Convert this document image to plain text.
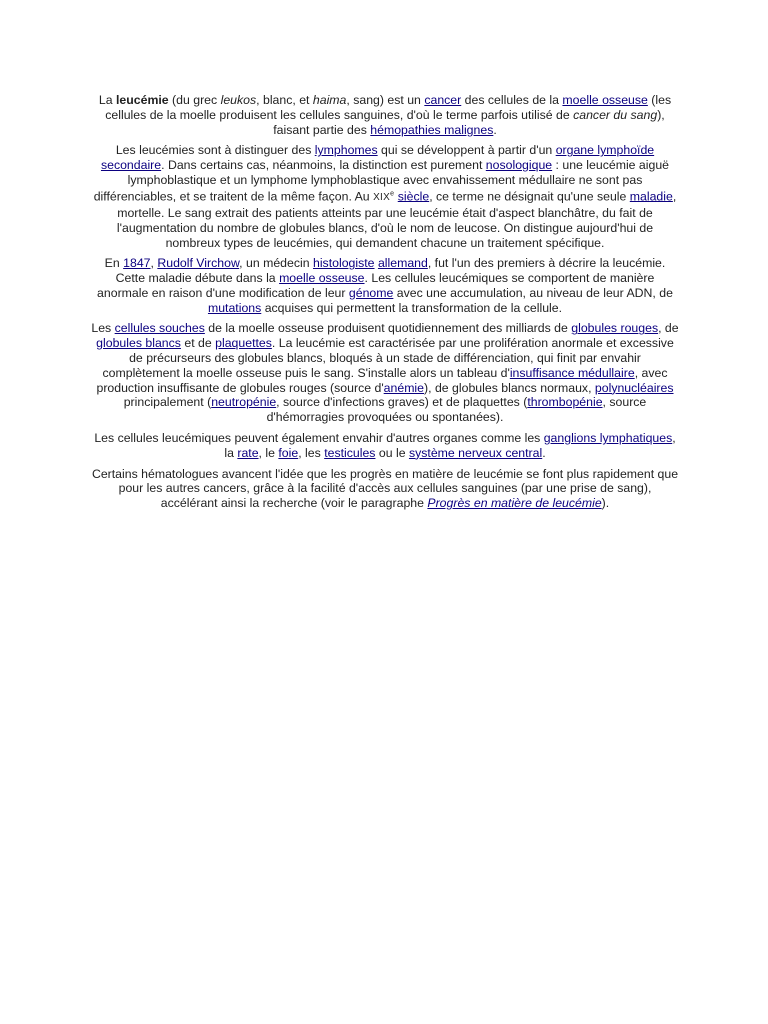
La leucémie (du grec leukos, blanc, et haima, sang) est un cancer des cellules de la moelle osseuse (les cellules de la moelle produisent les cellules sanguines, d'où le terme parfois utilisé de cancer du sang), faisant partie des hémopathies malignes.

Les leucémies sont à distinguer des lymphomes qui se développent à partir d'un organe lymphoïde secondaire. Dans certains cas, néanmoins, la distinction est purement nosologique : une leucémie aiguë lymphoblastique et un lymphome lymphoblastique avec envahissement médullaire ne sont pas différenciables, et se traitent de la même façon. Au XIXe siècle, ce terme ne désignait qu'une seule maladie, mortelle. Le sang extrait des patients atteints par une leucémie était d'aspect blanchâtre, du fait de l'augmentation du nombre de globules blancs, d'où le nom de leucose. On distingue aujourd'hui de nombreux types de leucémies, qui demandent chacune un traitement spécifique.

En 1847, Rudolf Virchow, un médecin histologiste allemand, fut l'un des premiers à décrire la leucémie. Cette maladie débute dans la moelle osseuse. Les cellules leucémiques se comportent de manière anormale en raison d'une modification de leur génome avec une accumulation, au niveau de leur ADN, de mutations acquises qui permettent la transformation de la cellule.

Les cellules souches de la moelle osseuse produisent quotidiennement des milliards de globules rouges, de globules blancs et de plaquettes. La leucémie est caractérisée par une prolifération anormale et excessive de précurseurs des globules blancs, bloqués à un stade de différenciation, qui finit par envahir complètement la moelle osseuse puis le sang. S'installe alors un tableau d'insuffisance médullaire, avec production insuffisante de globules rouges (source d'anémie), de globules blancs normaux, polynucléaires principalement (neutropénie, source d'infections graves) et de plaquettes (thrombopénie, source d'hémorragies provoquées ou spontanées).

Les cellules leucémiques peuvent également envahir d'autres organes comme les ganglions lymphatiques, la rate, le foie, les testicules ou le système nerveux central.

Certains hématologues avancent l'idée que les progrès en matière de leucémie se font plus rapidement que pour les autres cancers, grâce à la facilité d'accès aux cellules sanguines (par une prise de sang), accélérant ainsi la recherche (voir le paragraphe Progrès en matière de leucémie).
